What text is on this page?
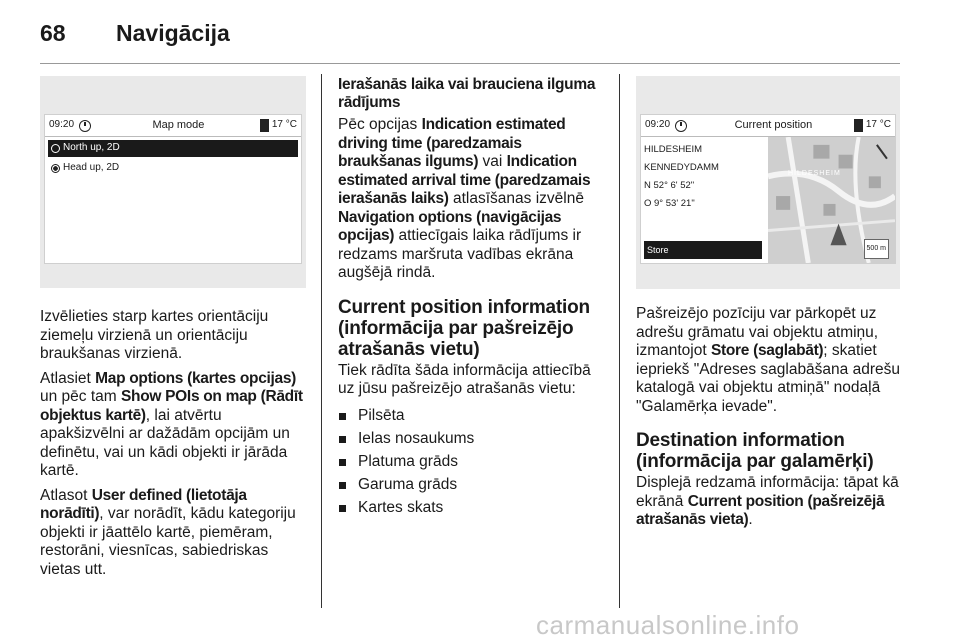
68	Navigācija
09:20	Map mode	17 °C
North up, 2D
Head up, 2D

Izvēlieties starp kartes orientāciju ziemeļu virzienā un orientāciju braukšanas virzienā.

Atlasiet Map options (kartes opcijas) un pēc tam Show POIs on map (Rādīt objektus kartē), lai atvērtu apakšizvēlni ar dažādām opcijām un definētu, vai un kādi objekti ir jārāda kartē.

Atlasot User defined (lietotāja norādīti), var norādīt, kādu kategoriju objekti ir jāattēlo kartē, piemēram, restorāni, viesnīcas, sabiedriskas vietas utt.

Ierašanās laika vai brauciena ilguma rādījums

Pēc opcijas Indication estimated driving time (paredzamais braukšanas ilgums) vai Indication estimated arrival time (paredzamais ierašanās laiks) atlasīšanas izvēlnē Navigation options (navigācijas opcijas) attiecīgais laika rādījums ir redzams maršruta vadības ekrāna augšējā rindā.

Current position information (informācija par pašreizējo atrašanās vietu)

Tiek rādīta šāda informācija attiecībā uz jūsu pašreizējo atrašanās vietu:

Pilsēta
Ielas nosaukums
Platuma grāds
Garuma grāds
Kartes skats
09:20	Current position	17 °C
HILDESHEIM
KENNEDYDAMM
N 52° 6' 52"
O 9° 53' 21"
Store
HILDESHEIM
500 m

Pašreizējo pozīciju var pārkopēt uz adrešu grāmatu vai objektu atmiņu, izmantojot Store (saglabāt); skatiet iepriekš "Adreses saglabāšana adrešu katalogā vai objektu atmiņā" nodaļā "Galamērķa ievade".

Destination information (informācija par galamērķi)

Displejā redzamā informācija: tāpat kā ekrānā Current position (pašreizējā atrašanās vieta).

carmanualsonline.info
